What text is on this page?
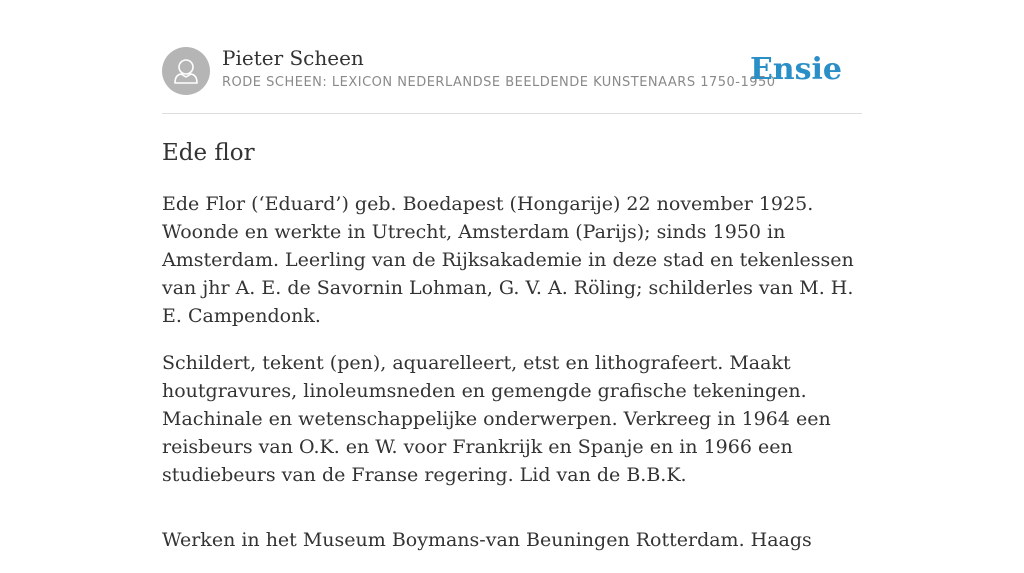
Pieter Scheen
RODE SCHEEN: LEXICON NEDERLANDSE BEELDENDE KUNSTENAARS 1750-1950
Ensie
Ede flor

Ede Flor (‘Eduard’) geb. Boedapest (Hongarije) 22 november 1925. Woonde en werkte in Utrecht, Amsterdam (Parijs); sinds 1950 in Amsterdam. Leerling van de Rijksakademie in deze stad en tekenlessen van jhr A. E. de Savornin Lohman, G. V. A. Röling; schilderles van M. H. E. Campendonk.

Schildert, tekent (pen), aquarelleert, etst en lithografeert. Maakt houtgravures, linoleumsneden en gemengde grafische tekeningen. Machinale en wetenschappelijke onderwerpen. Verkreeg in 1964 een reisbeurs van O.K. en W. voor Frankrijk en Spanje en in 1966 een studiebeurs van de Franse regering. Lid van de B.B.K.

Werken in het Museum Boymans-van Beuningen Rotterdam. Haags
